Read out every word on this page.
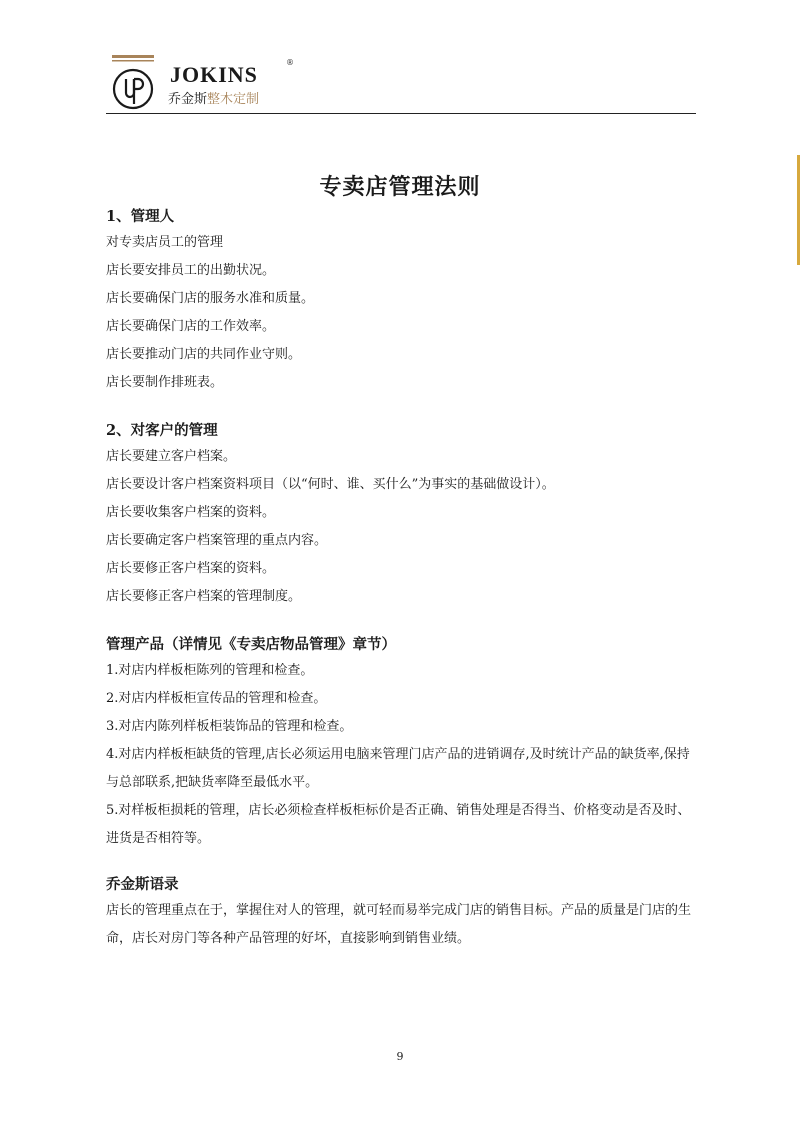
JOKINS	®
乔金斯整木定制
专卖店管理法则
1、管理人
对专卖店员工的管理
店长要安排员工的出勤状况。
店长要确保门店的服务水准和质量。
店长要确保门店的工作效率。
店长要推动门店的共同作业守则。
店长要制作排班表。
2、对客户的管理
店长要建立客户档案。
店长要设计客户档案资料项目（以“何时、谁、买什么”为事实的基础做设计）。
店长要收集客户档案的资料。
店长要确定客户档案管理的重点内容。
店长要修正客户档案的资料。
店长要修正客户档案的管理制度。
管理产品（详情见《专卖店物品管理》章节）
1.对店内样板柜陈列的管理和检查。
2.对店内样板柜宣传品的管理和检查。
3.对店内陈列样板柜装饰品的管理和检查。
4.对店内样板柜缺货的管理,店长必须运用电脑来管理门店产品的进销调存,及时统计产品的缺货率,保持与总部联系,把缺货率降至最低水平。
5.对样板柜损耗的管理，店长必须检查样板柜标价是否正确、销售处理是否得当、价格变动是否及时、进货是否相符等。
乔金斯语录
店长的管理重点在于，掌握住对人的管理，就可轻而易举完成门店的销售目标。产品的质量是门店的生命，店长对房门等各种产品管理的好坏，直接影响到销售业绩。
9
